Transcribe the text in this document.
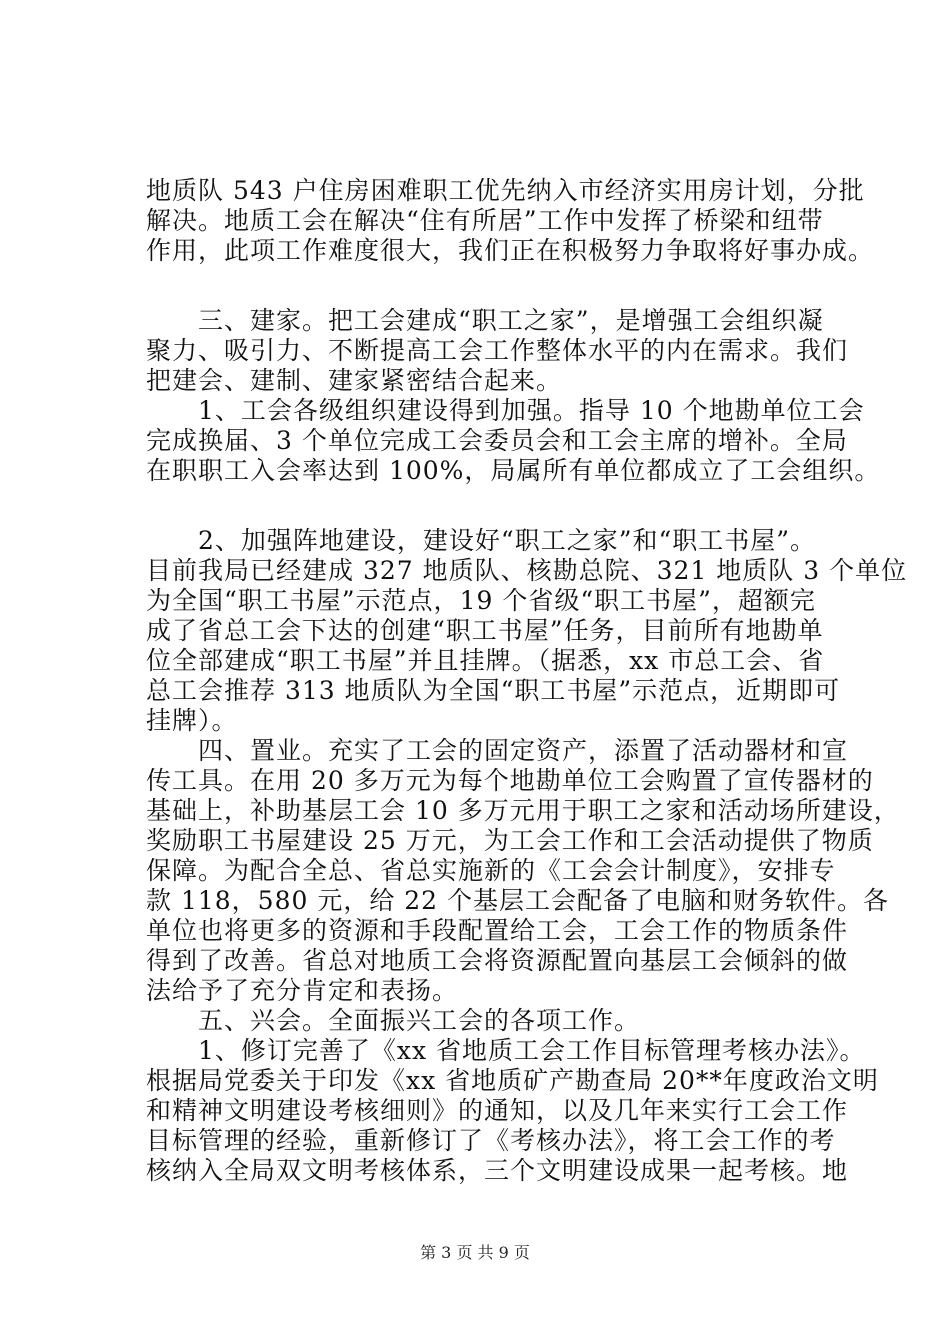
地质队 543 户住房困难职工优先纳入市经济实用房计划，分批
解决。地质工会在解决“住有所居”工作中发挥了桥梁和纽带
作用，此项工作难度很大，我们正在积极努力争取将好事办成。
　　三、建家。把工会建成“职工之家”，是增强工会组织凝
聚力、吸引力、不断提高工会工作整体水平的内在需求。我们
把建会、建制、建家紧密结合起来。
　　1、工会各级组织建设得到加强。指导 10 个地勘单位工会
完成换届、3 个单位完成工会委员会和工会主席的增补。全局
在职职工入会率达到 100%，局属所有单位都成立了工会组织。
　　2、加强阵地建设，建设好“职工之家”和“职工书屋”。
目前我局已经建成 327 地质队、核勘总院、321 地质队 3 个单位
为全国“职工书屋”示范点，19 个省级“职工书屋”，超额完
成了省总工会下达的创建“职工书屋”任务，目前所有地勘单
位全部建成“职工书屋”并且挂牌。（据悉，xx 市总工会、省
总工会推荐 313 地质队为全国“职工书屋”示范点，近期即可
挂牌）。
　　四、置业。充实了工会的固定资产，添置了活动器材和宣
传工具。在用 20 多万元为每个地勘单位工会购置了宣传器材的
基础上，补助基层工会 10 多万元用于职工之家和活动场所建设，
奖励职工书屋建设 25 万元，为工会工作和工会活动提供了物质
保障。为配合全总、省总实施新的《工会会计制度》，安排专
款 118，580 元，给 22 个基层工会配备了电脑和财务软件。各
单位也将更多的资源和手段配置给工会，工会工作的物质条件
得到了改善。省总对地质工会将资源配置向基层工会倾斜的做
法给予了充分肯定和表扬。
　　五、兴会。全面振兴工会的各项工作。
　　1、修订完善了《xx 省地质工会工作目标管理考核办法》。
根据局党委关于印发《xx 省地质矿产勘查局 20**年度政治文明
和精神文明建设考核细则》的通知，以及几年来实行工会工作
目标管理的经验，重新修订了《考核办法》，将工会工作的考
核纳入全局双文明考核体系，三个文明建设成果一起考核。地
第 3 页 共 9 页
